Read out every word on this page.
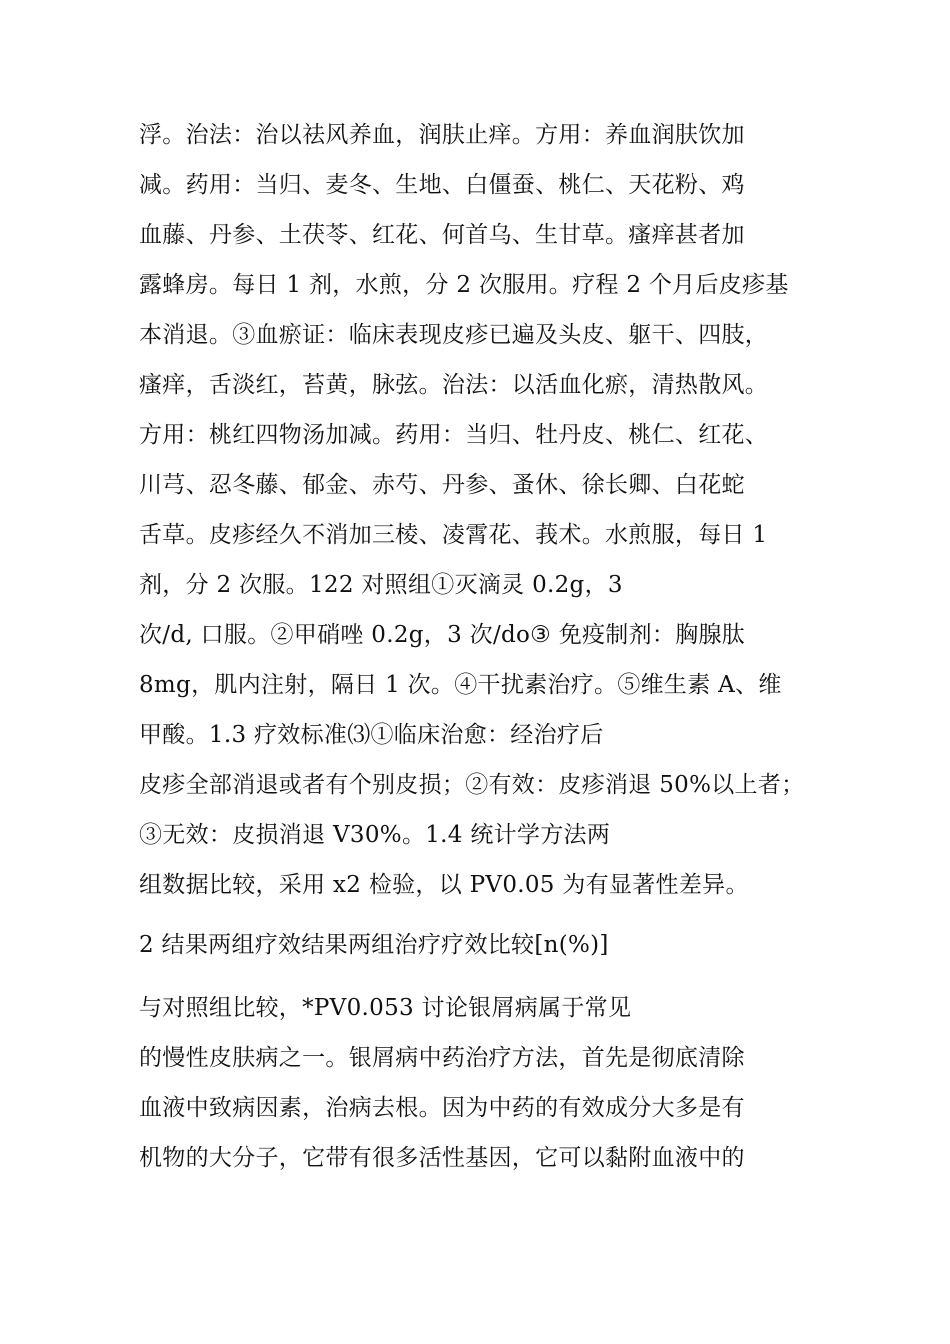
浮。治法：治以祛风养血，润肤止痒。方用：养血润肤饮加
减。药用：当归、麦冬、生地、白僵蚕、桃仁、天花粉、鸡
血藤、丹参、土茯苓、红花、何首乌、生甘草。瘙痒甚者加
露蜂房。每日 1 剂，水煎，分 2 次服用。疗程 2 个月后皮疹基
本消退。③血瘀证：临床表现皮疹已遍及头皮、躯干、四肢，
瘙痒，舌淡红，苔黄，脉弦。治法：以活血化瘀，清热散风。
方用：桃红四物汤加减。药用：当归、牡丹皮、桃仁、红花、
川芎、忍冬藤、郁金、赤芍、丹参、蚤休、徐长卿、白花蛇
舌草。皮疹经久不消加三棱、凌霄花、莪术。水煎服，每日 1
剂，分 2 次服。122 对照组①灭滴灵 0.2g，3
次/d, 口服。②甲硝唑 0.2g，3 次/do③ 免疫制剂：胸腺肽
8mg，肌内注射，隔日 1 次。④干扰素治疗。⑤维生素 A、维
甲酸。1.3 疗效标准⑶①临床治愈：经治疗后
皮疹全部消退或者有个别皮损；②有效：皮疹消退 50%以上者；
③无效：皮损消退 V30%。1.4 统计学方法两
组数据比较，采用 x2 检验，以 PV0.05 为有显著性差异。
2 结果两组疗效结果两组治疗疗效比较[n(%)]
与对照组比较，*PV0.053 讨论银屑病属于常见
的慢性皮肤病之一。银屑病中药治疗方法，首先是彻底清除
血液中致病因素，治病去根。因为中药的有效成分大多是有
机物的大分子，它带有很多活性基因，它可以黏附血液中的
